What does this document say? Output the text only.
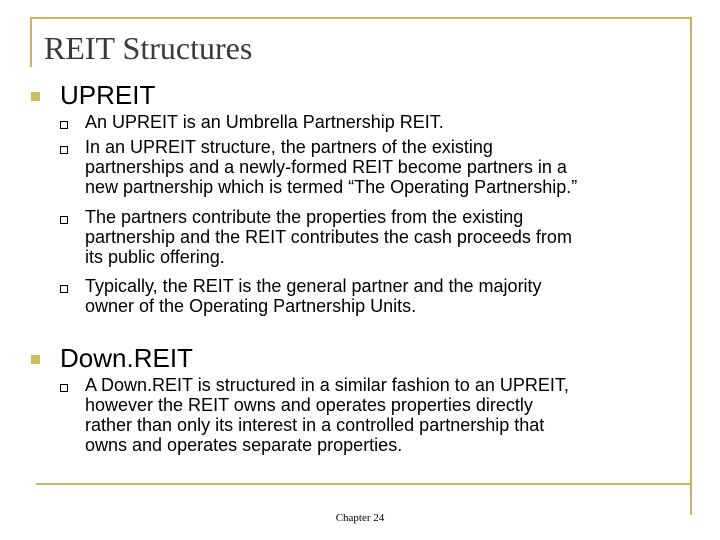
REIT Structures
UPREIT
An UPREIT is an Umbrella Partnership REIT.
In an UPREIT structure, the partners of the existing
partnerships and a newly-formed REIT become partners in a
new partnership which is termed “The Operating Partnership.”
The partners contribute the properties from the existing
partnership and the REIT contributes the cash proceeds from
its public offering.
Typically, the REIT is the general partner and the majority
owner of the Operating Partnership Units.
Down.REIT
A Down.REIT is structured in a similar fashion to an UPREIT,
however the REIT owns and operates properties directly
rather than only its interest in a controlled partnership that
owns and operates separate properties.
Chapter 24
